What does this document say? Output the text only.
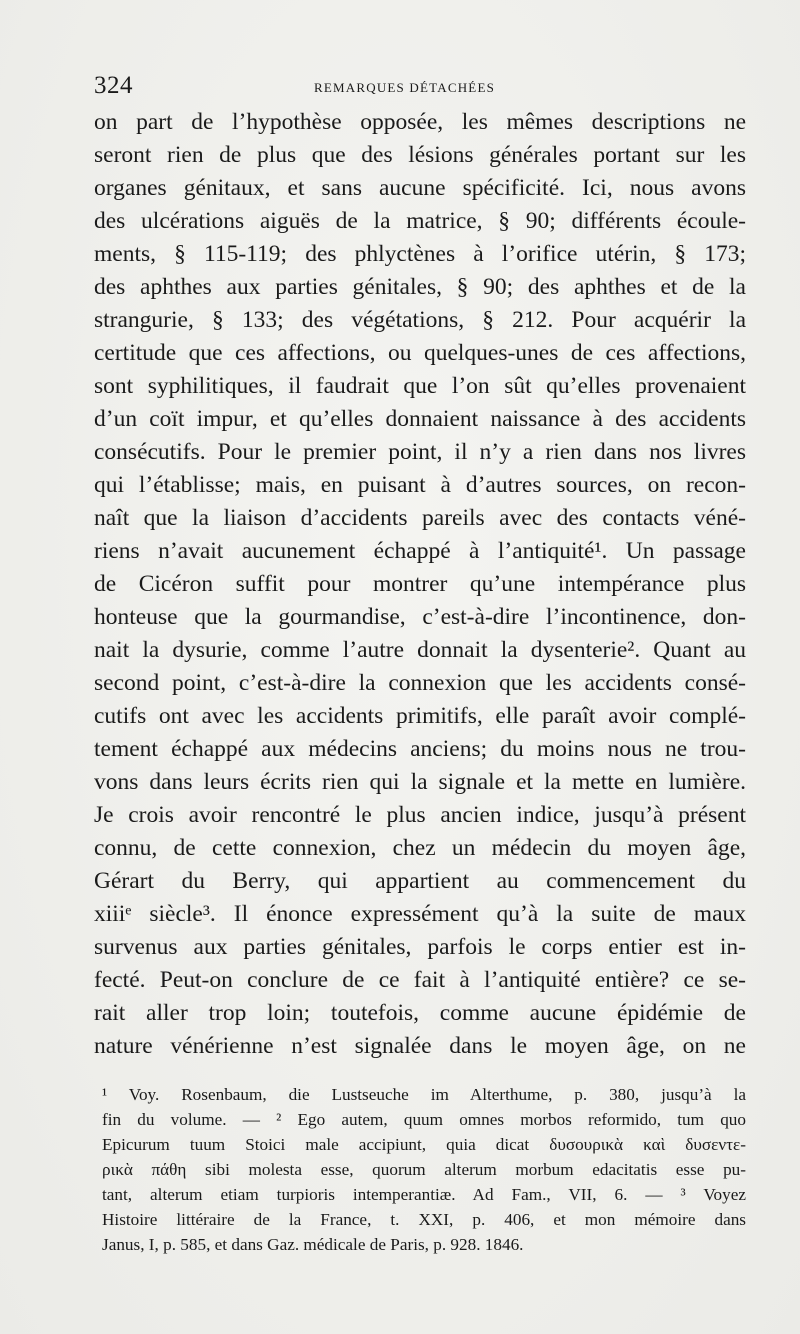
324	REMARQUES DÉTACHÉES
on part de l’hypothèse opposée, les mêmes descriptions ne
seront rien de plus que des lésions générales portant sur les
organes génitaux, et sans aucune spécificité. Ici, nous avons
des ulcérations aiguës de la matrice, § 90; différents écoule-
ments, § 115-119; des phlyctènes à l’orifice utérin, § 173;
des aphthes aux parties génitales, § 90; des aphthes et de la
strangurie, § 133; des végétations, § 212. Pour acquérir la
certitude que ces affections, ou quelques-unes de ces affections,
sont syphilitiques, il faudrait que l’on sût qu’elles provenaient
d’un coït impur, et qu’elles donnaient naissance à des accidents
consécutifs. Pour le premier point, il n’y a rien dans nos livres
qui l’établisse; mais, en puisant à d’autres sources, on recon-
naît que la liaison d’accidents pareils avec des contacts véné-
riens n’avait aucunement échappé à l’antiquité¹. Un passage
de Cicéron suffit pour montrer qu’une intempérance plus
honteuse que la gourmandise, c’est-à-dire l’incontinence, don-
nait la dysurie, comme l’autre donnait la dysenterie². Quant au
second point, c’est-à-dire la connexion que les accidents consé-
cutifs ont avec les accidents primitifs, elle paraît avoir complé-
tement échappé aux médecins anciens; du moins nous ne trou-
vons dans leurs écrits rien qui la signale et la mette en lumière.
Je crois avoir rencontré le plus ancien indice, jusqu’à présent
connu, de cette connexion, chez un médecin du moyen âge,
Gérart du Berry, qui appartient au commencement du
xiiiᵉ siècle³. Il énonce expressément qu’à la suite de maux
survenus aux parties génitales, parfois le corps entier est in-
fecté. Peut-on conclure de ce fait à l’antiquité entière? ce se-
rait aller trop loin; toutefois, comme aucune épidémie de
nature vénérienne n’est signalée dans le moyen âge, on ne
¹ Voy. Rosenbaum, die Lustseuche im Alterthume, p. 380, jusqu’à la
fin du volume. — ² Ego autem, quum omnes morbos reformido, tum quo
Epicurum tuum Stoici male accipiunt, quia dicat δυσουρικὰ καὶ δυσεντε-
ρικὰ πάθη sibi molesta esse, quorum alterum morbum edacitatis esse pu-
tant, alterum etiam turpioris intemperantiæ. Ad Fam., VII, 6. — ³ Voyez
Histoire littéraire de la France, t. XXI, p. 406, et mon mémoire dans
Janus, I, p. 585, et dans Gaz. médicale de Paris, p. 928. 1846.
